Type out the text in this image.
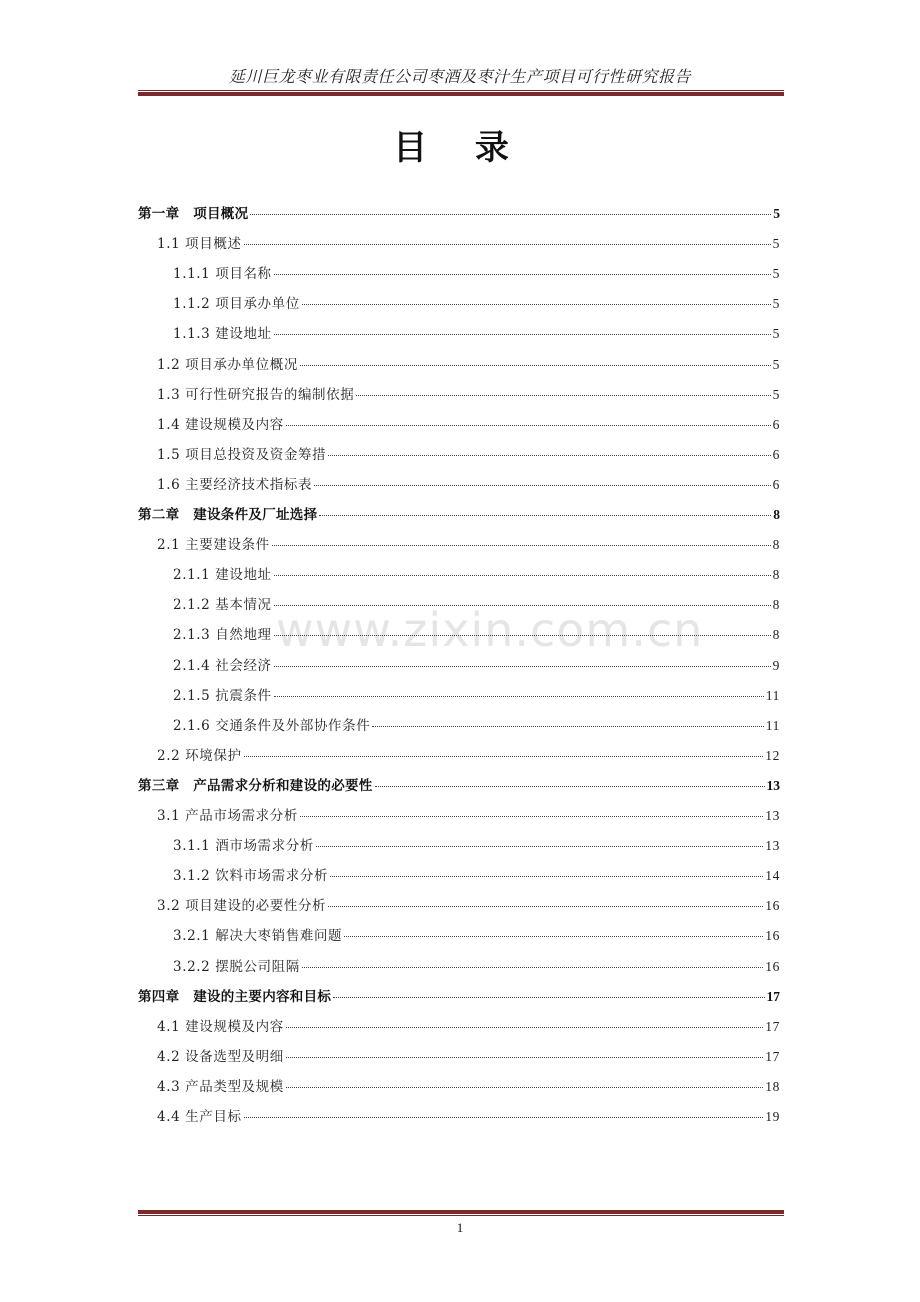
延川巨龙枣业有限责任公司枣酒及枣汁生产项目可行性研究报告
目 录
www.zixin.com.cn
第一章　项目概况	5
1.1 项目概述	5
1.1.1 项目名称	5
1.1.2 项目承办单位	5
1.1.3 建设地址	5
1.2 项目承办单位概况	5
1.3 可行性研究报告的编制依据	5
1.4 建设规模及内容	6
1.5 项目总投资及资金筹措	6
1.6 主要经济技术指标表	6
第二章　建设条件及厂址选择	8
2.1 主要建设条件	8
2.1.1 建设地址	8
2.1.2 基本情况	8
2.1.3 自然地理	8
2.1.4 社会经济	9
2.1.5 抗震条件	11
2.1.6 交通条件及外部协作条件	11
2.2 环境保护	12
第三章　产品需求分析和建设的必要性	13
3.1 产品市场需求分析	13
3.1.1 酒市场需求分析	13
3.1.2 饮料市场需求分析	14
3.2 项目建设的必要性分析	16
3.2.1 解决大枣销售难问题	16
3.2.2 摆脱公司阻隔	16
第四章　建设的主要内容和目标	17
4.1 建设规模及内容	17
4.2 设备选型及明细	17
4.3 产品类型及规模	18
4.4 生产目标	19
1
